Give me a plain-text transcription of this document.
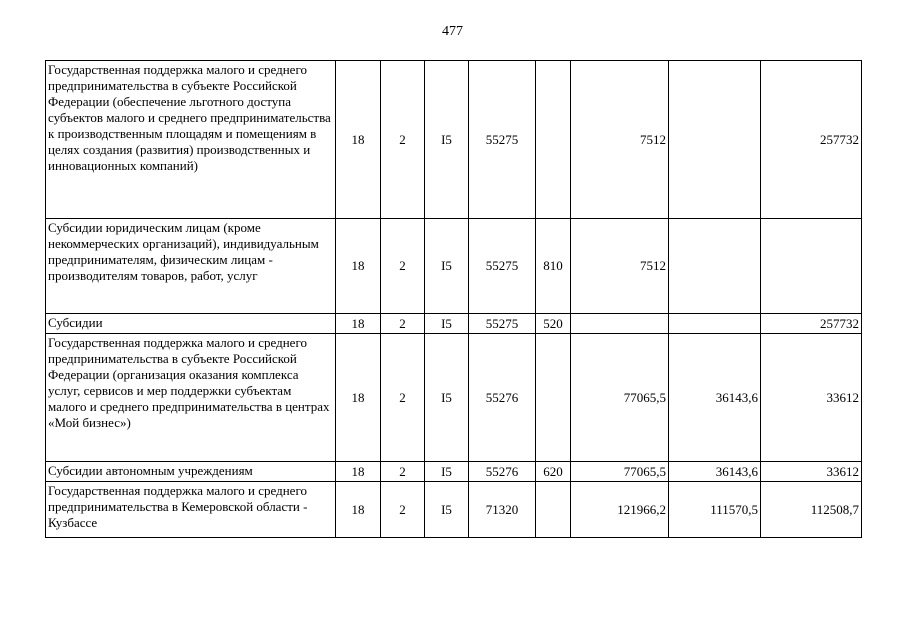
477
Государственная поддержка малого и среднего предпринимательства в субъекте Российской Федерации (обеспечение льготного доступа субъектов малого и среднего предпринимательства к производственным площадям и помещениям в целях создания (развития) производственных и инновационных компаний)	18	2	I5	55275		7512		257732
Субсидии юридическим лицам (кроме некоммерческих организаций), индивидуальным предпринимателям, физическим лицам - производителям товаров, работ, услуг	18	2	I5	55275	810	7512		
Субсидии	18	2	I5	55275	520			257732
Государственная поддержка малого и среднего предпринимательства в субъекте Российской Федерации (организация оказания комплекса услуг, сервисов и мер поддержки субъектам малого и среднего предпринимательства в центрах «Мой бизнес»)	18	2	I5	55276		77065,5	36143,6	33612
Субсидии автономным учреждениям	18	2	I5	55276	620	77065,5	36143,6	33612
Государственная поддержка малого и среднего предпринимательства в Кемеровской области - Кузбассе	18	2	I5	71320		121966,2	111570,5	112508,7
